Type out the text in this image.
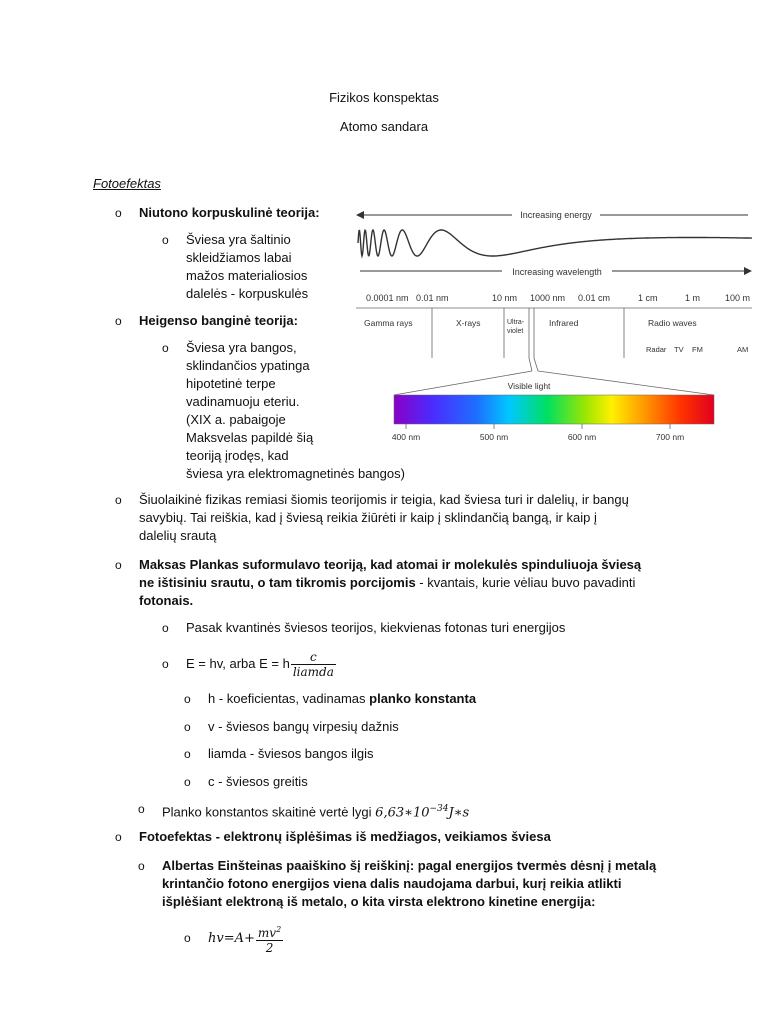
Fizikos konspektas
Atomo sandara
Fotoefektas
o Niutono korpuskulinė teorija:
o Šviesa yra šaltinio
skleidžiamos labai
mažos materialiosios
dalelės - korpuskulės
o Heigenso banginė teorija:
o Šviesa yra bangos,
sklindančios ypatinga
hipotetinė terpe
vadinamuoju eteriu.
(XIX a. pabaigoje
Maksvelas papildė šią
teoriją įrodęs, kad
šviesa yra elektromagnetinės bangos)
Increasing energy
Increasing wavelength
0.0001 nm 0.01 nm	10 nm 1000 nm 0.01 cm	1 cm	1 m	100 m
Gamma rays	X-rays	Ultra-
violet
Infrared	Radio waves
Radar TV FM	AM
Visible light
400 nm	500 nm	600 nm	700 nm
o Šiuolaikinė fizikas remiasi šiomis teorijomis ir teigia, kad šviesa turi ir dalelių, ir bangų
savybių. Tai reiškia, kad į šviesą reikia žiūrėti ir kaip į sklindančią bangą, ir kaip į
dalelių srautą
o Maksas Plankas suformulavo teoriją, kad atomai ir molekulės spinduliuoja šviesą
ne ištisiniu srautu, o tam tikromis porcijomis - kvantais, kurie vėliau buvo pavadinti
fotonais.
o Pasak kvantinės šviesos teorijos, kiekvienas fotonas turi energijos
o E = hv, arba E = h $\frac{c}{\text{liamda}}$
o h - koeficientas, vadinamas planko konstanta
o v - šviesos bangų virpesių dažnis
o liamda - šviesos bangos ilgis
o c - šviesos greitis
o Planko konstantos skaitinė vertė lygi $6,63∗10^{-34}J∗s$
o Fotoefektas - elektronų išplėšimas iš medžiagos, veikiamos šviesa
o Albertas Einšteinas paaiškino šį reiškinį: pagal energijos tvermės dėsnį į metalą
krintančio fotono energijos viena dalis naudojama darbui, kurį reikia atlikti
išplėšiant elektroną iš metalo, o kita virsta elektrono kinetine energija:
o $hv=A+ \frac{mv^2}{2}$
